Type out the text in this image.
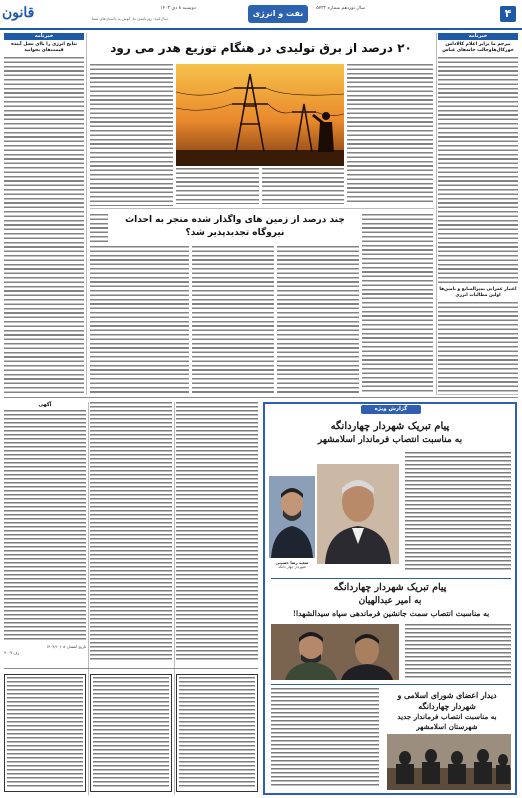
۴
نفت و انرژی
سال نوزدهم شماره ۵۷۳۲
دوشنبه ۸ دی ۱۴۰۳
دنبال‌کنید: روزنامه‌ی ما، گوش به داستان‌های شما
قانون
خبرنامه
بیرجم ما برابر اعلام کالا‌دامن خورکال‌ها‌وجالب خانه‌های عباس
اعتبار عمرانی بمیرالمنابع و تامین‌ها اولین مطالبات انرژی
خبرنامه
نتایج انرژی را با‌ای نسل آینده قیمت‌ها‌ی بخوانید	۲۰ درصد از برق تولیدی در هنگام توزیع هدر می رود
چند درصد از زمین های واگذار شده منجر به احداث
نیروگاه تجدیدپذیر شد؟
گزارش ویژه
پیام تبریک شهردار چهاردانگه
به مناسبت انتصاب فرماندار اسلامشهر
سعید رضا حسینی
شهردار چهار دانگه
پیام تبریک شهردار چهاردانگه
به امیر عبدالهیان
به مناسبت انتصاب سمت جانشین فرماندهی سپاه سیدالشهدا!
دیدار اعضای شورای اسلامی و
شهردار چهاردانگه
به مناسبت انتصاب فرماندار جدید
شهرستان اسلامشهر
آگهی
تاریخ انتشار: ۱۴۰۳/۱۰/۰۸
رف ۷۰۰۷
